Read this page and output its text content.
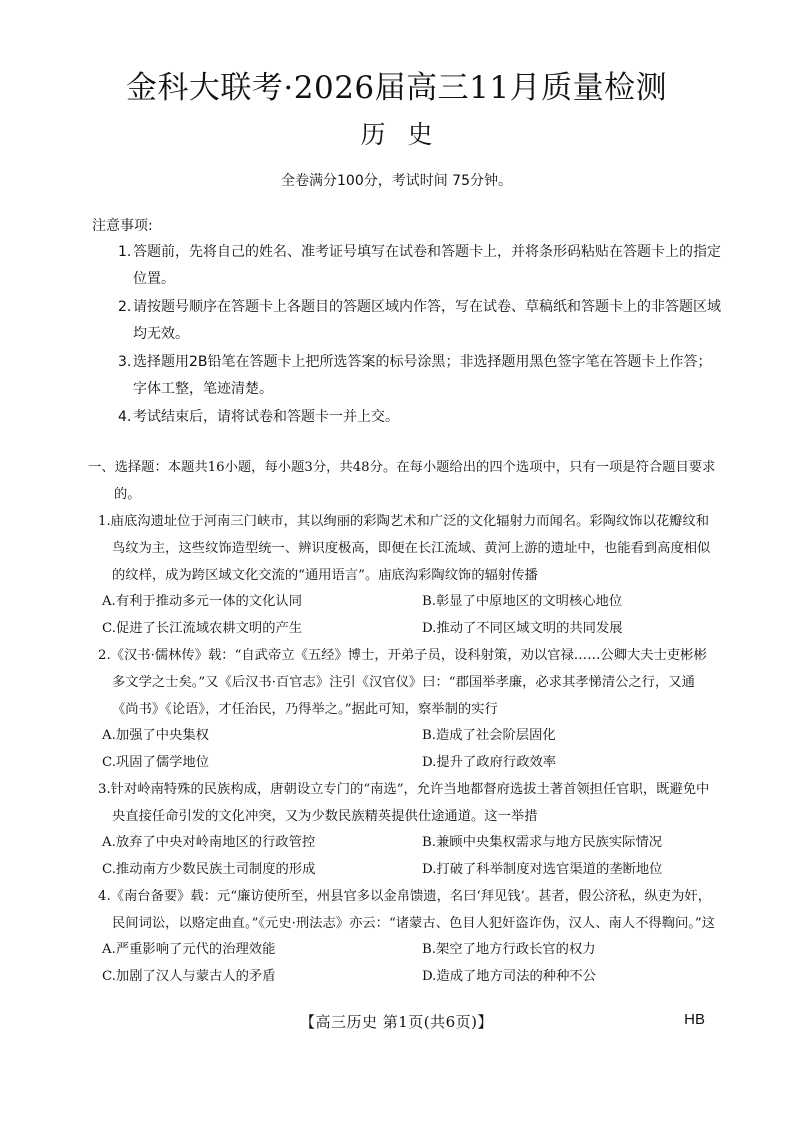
金科大联考·2026届高三11月质量检测
历史
全卷满分100分，考试时间 75分钟。
注意事项:
1. 答题前，先将自己的姓名、准考证号填写在试卷和答题卡上，并将条形码粘贴在答题卡上的指定位置。
2. 请按题号顺序在答题卡上各题目的答题区域内作答，写在试卷、草稿纸和答题卡上的非答题区域均无效。
3. 选择题用2B铅笔在答题卡上把所选答案的标号涂黑；非选择题用黑色签字笔在答题卡上作答；字体工整，笔迹清楚。
4. 考试结束后，请将试卷和答题卡一并上交。
一、选择题：本题共16小题，每小题3分，共48分。在每小题给出的四个选项中，只有一项是符合题目要求的。
1.庙底沟遗址位于河南三门峡市，其以绚丽的彩陶艺术和广泛的文化辐射力而闻名。彩陶纹饰以花瓣纹和鸟纹为主，这些纹饰造型统一、辨识度极高，即便在长江流域、黄河上游的遗址中，也能看到高度相似的纹样，成为跨区域文化交流的“通用语言”。庙底沟彩陶纹饰的辐射传播
A.有利于推动多元一体的文化认同	B.彰显了中原地区的文明核心地位
C.促进了长江流域农耕文明的产生	D.推动了不同区域文明的共同发展
2.《汉书·儒林传》载：“自武帝立《五经》博士，开弟子员，设科射策，劝以官禄……公卿大夫士吏彬彬多文学之士矣。”又《后汉书·百官志》注引《汉官仪》曰：“郡国举孝廉，必求其孝悌清公之行，又通《尚书》《论语》，才任治民，乃得举之。”据此可知，察举制的实行
A.加强了中央集权	B.造成了社会阶层固化
C.巩固了儒学地位	D.提升了政府行政效率
3.针对岭南特殊的民族构成，唐朝设立专门的“南选”，允许当地都督府选拔土著首领担任官职，既避免中央直接任命引发的文化冲突，又为少数民族精英提供仕途通道。这一举措
A.放弃了中央对岭南地区的行政管控	B.兼顾中央集权需求与地方民族实际情况
C.推动南方少数民族土司制度的形成	D.打破了科举制度对选官渠道的垄断地位
4.《南台备要》载：元“廉访使所至，州县官多以金帛馈遗，名曰‘拜见钱’。甚者，假公济私，纵吏为奸，民间词讼，以赂定曲直。”《元史·刑法志》亦云：“诸蒙古、色目人犯奸盗诈伪，汉人、南人不得鞫问。”这
A.严重影响了元代的治理效能	B.架空了地方行政长官的权力
C.加剧了汉人与蒙古人的矛盾	D.造成了地方司法的种种不公
【高三历史 第1页(共6页)】	HB
